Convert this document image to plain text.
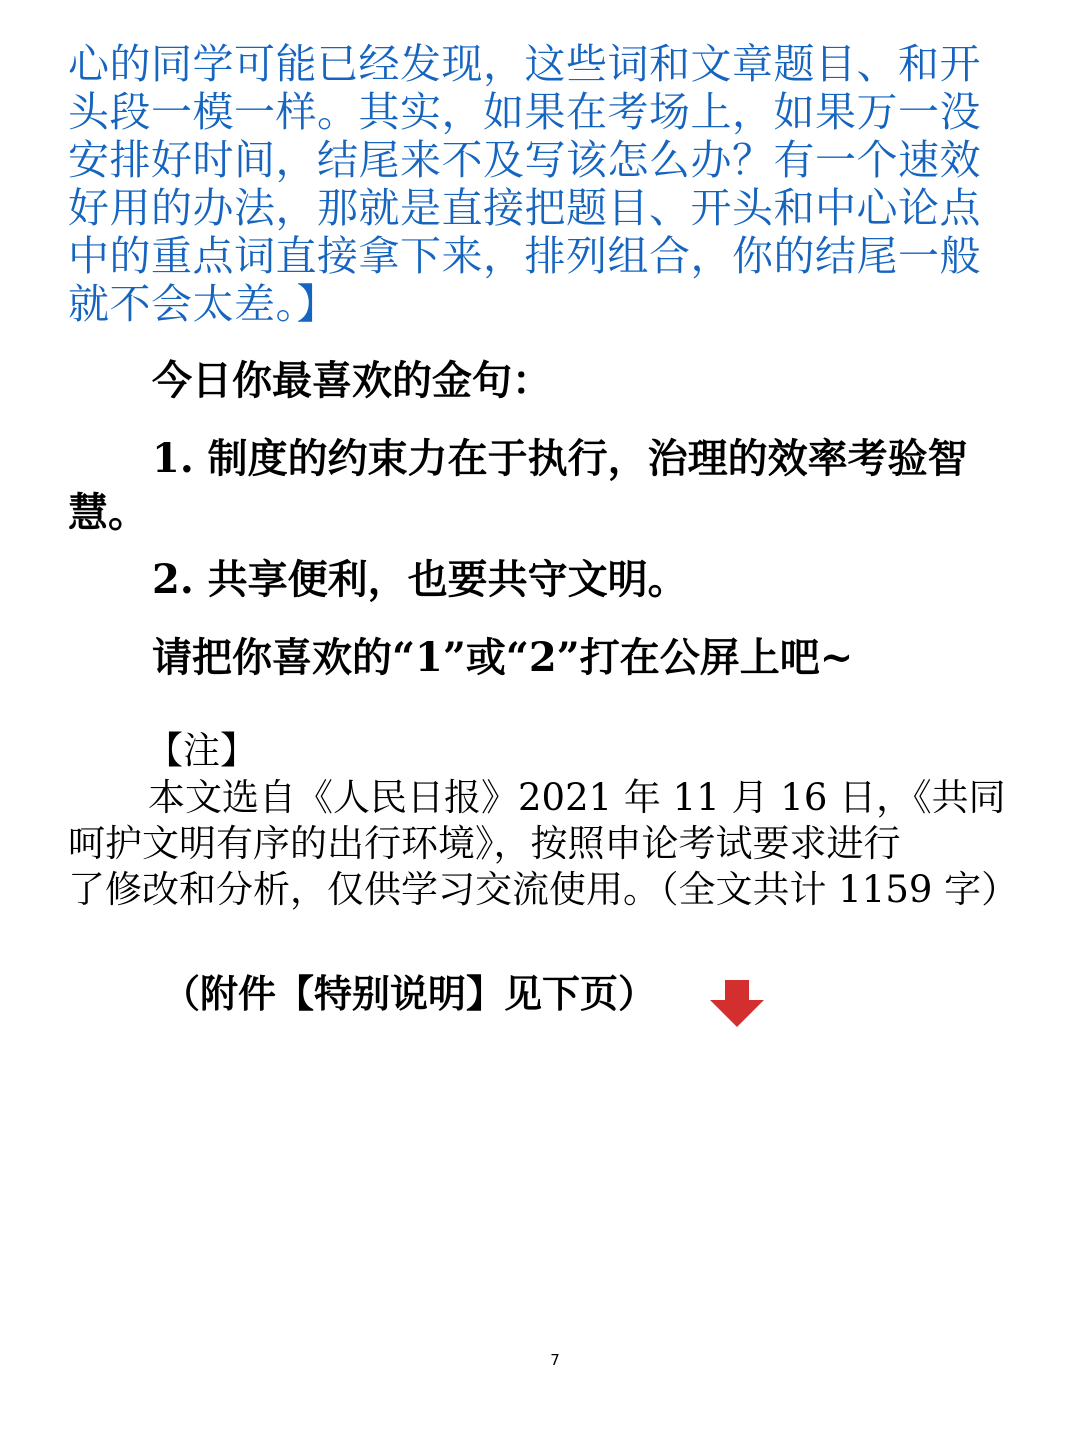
心的同学可能已经发现，这些词和文章题目、和开
头段一模一样。其实，如果在考场上，如果万一没
安排好时间，结尾来不及写该怎么办？有一个速效
好用的办法，那就是直接把题目、开头和中心论点
中的重点词直接拿下来，排列组合，你的结尾一般
就不会太差。】
今日你最喜欢的金句：
1. 制度的约束力在于执行，治理的效率考验智慧。
2. 共享便利，也要共守文明。
请把你喜欢的“1”或“2”打在公屏上吧~
【注】
本文选自《人民日报》2021 年 11 月 16 日，《共同
呵护文明有序的出行环境》，按照申论考试要求进行
了修改和分析，仅供学习交流使用。（全文共计 1159 字）
（附件【特别说明】见下页）
7
